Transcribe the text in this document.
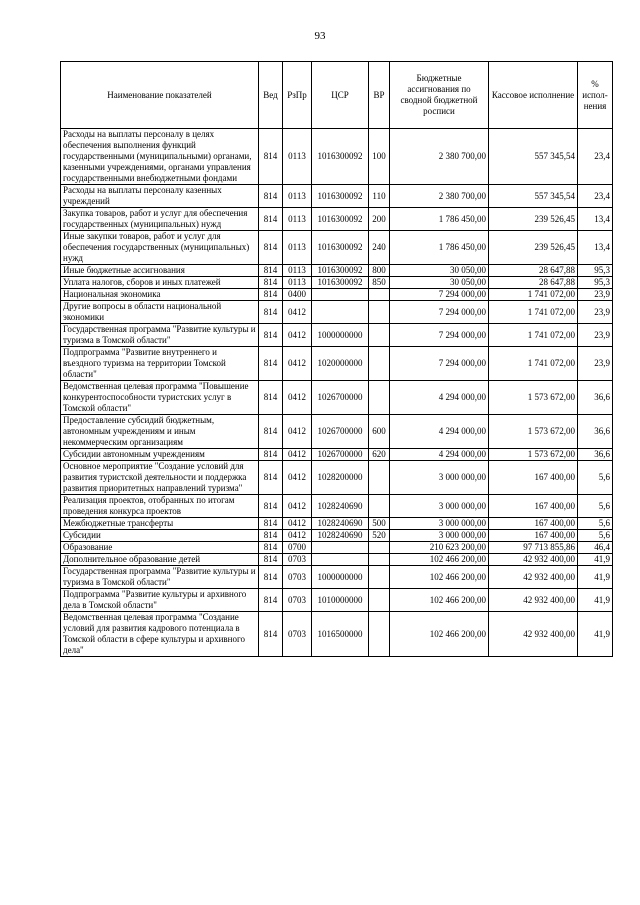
93
Наименование показателей	Вед	РзПр	ЦСР	ВР	Бюджетные ассигнования по сводной бюджетной росписи	Кассовое исполнение	% испол-нения
Расходы на выплаты персоналу в целях обеспечения выполнения функций государственными (муниципальными) органами, казенными учреждениями, органами управления государственными внебюджетными фондами	814	0113	1016300092	100	2 380 700,00	557 345,54	23,4
Расходы на выплаты персоналу казенных учреждений	814	0113	1016300092	110	2 380 700,00	557 345,54	23,4
Закупка товаров, работ и услуг для обеспечения государственных (муниципальных) нужд	814	0113	1016300092	200	1 786 450,00	239 526,45	13,4
Иные закупки товаров, работ и услуг для обеспечения государственных (муниципальных) нужд	814	0113	1016300092	240	1 786 450,00	239 526,45	13,4
Иные бюджетные ассигнования	814	0113	1016300092	800	30 050,00	28 647,88	95,3
Уплата налогов, сборов и иных платежей	814	0113	1016300092	850	30 050,00	28 647,88	95,3
Национальная экономика	814	0400			7 294 000,00	1 741 072,00	23,9
Другие вопросы в области национальной экономики	814	0412			7 294 000,00	1 741 072,00	23,9
Государственная программа "Развитие культуры и туризма в Томской области"	814	0412	1000000000		7 294 000,00	1 741 072,00	23,9
Подпрограмма "Развитие внутреннего и въездного туризма на территории Томской области"	814	0412	1020000000		7 294 000,00	1 741 072,00	23,9
Ведомственная целевая программа "Повышение конкурентоспособности туристских услуг в Томской области"	814	0412	1026700000		4 294 000,00	1 573 672,00	36,6
Предоставление субсидий бюджетным, автономным учреждениям и иным некоммерческим организациям	814	0412	1026700000	600	4 294 000,00	1 573 672,00	36,6
Субсидии автономным учреждениям	814	0412	1026700000	620	4 294 000,00	1 573 672,00	36,6
Основное мероприятие "Создание условий для развития туристской деятельности и поддержка развития приоритетных направлений туризма"	814	0412	1028200000		3 000 000,00	167 400,00	5,6
Реализация проектов, отобранных по итогам проведения конкурса проектов	814	0412	1028240690		3 000 000,00	167 400,00	5,6
Межбюджетные трансферты	814	0412	1028240690	500	3 000 000,00	167 400,00	5,6
Субсидии	814	0412	1028240690	520	3 000 000,00	167 400,00	5,6
Образование	814	0700			210 623 200,00	97 713 855,86	46,4
Дополнительное образование детей	814	0703			102 466 200,00	42 932 400,00	41,9
Государственная программа "Развитие культуры и туризма в Томской области"	814	0703	1000000000		102 466 200,00	42 932 400,00	41,9
Подпрограмма "Развитие культуры и архивного дела в Томской области"	814	0703	1010000000		102 466 200,00	42 932 400,00	41,9
Ведомственная целевая программа "Создание условий для развития кадрового потенциала в Томской области в сфере культуры и архивного дела"	814	0703	1016500000		102 466 200,00	42 932 400,00	41,9
